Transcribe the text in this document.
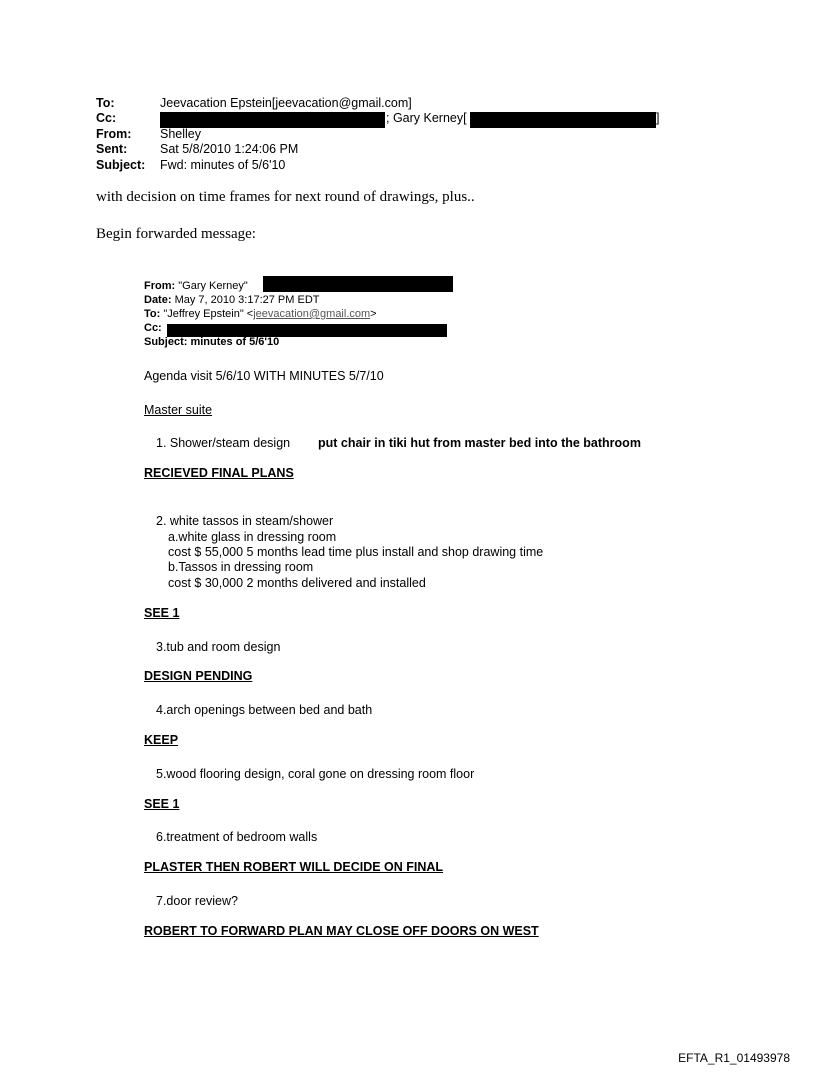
To:	Jeevacation Epstein[jeevacation@gmail.com]
Cc:	; Gary Kerney[	]
From: Shelley
Sent:	Sat 5/8/2010 1:24:06 PM
Subject: Fwd: minutes of 5/6'10
with decision on time frames for next round of drawings, plus..
Begin forwarded message:
From: "Gary Kerney"
Date: May 7, 2010 3:17:27 PM EDT
To: "Jeffrey Epstein" <jeevacation@gmail.com>
Cc:
Subject: minutes of 5/6'10
Agenda visit 5/6/10 WITH MINUTES 5/7/10
Master suite
1. Shower/steam design put chair in tiki hut from master bed into the bathroom
RECIEVED FINAL PLANS
2. white tassos in steam/shower
a.white glass in dressing room
cost $ 55,000 5 months lead time plus install and shop drawing time
b.Tassos in dressing room
cost $ 30,000 2 months delivered and installed
SEE 1
3.tub and room design
DESIGN PENDING
4.arch openings between bed and bath
KEEP
5.wood flooring design, coral gone on dressing room floor
SEE 1
6.treatment of bedroom walls
PLASTER THEN ROBERT WILL DECIDE ON FINAL
7.door review?
ROBERT TO FORWARD PLAN MAY CLOSE OFF DOORS ON WEST
EFTA_R1_01493978
